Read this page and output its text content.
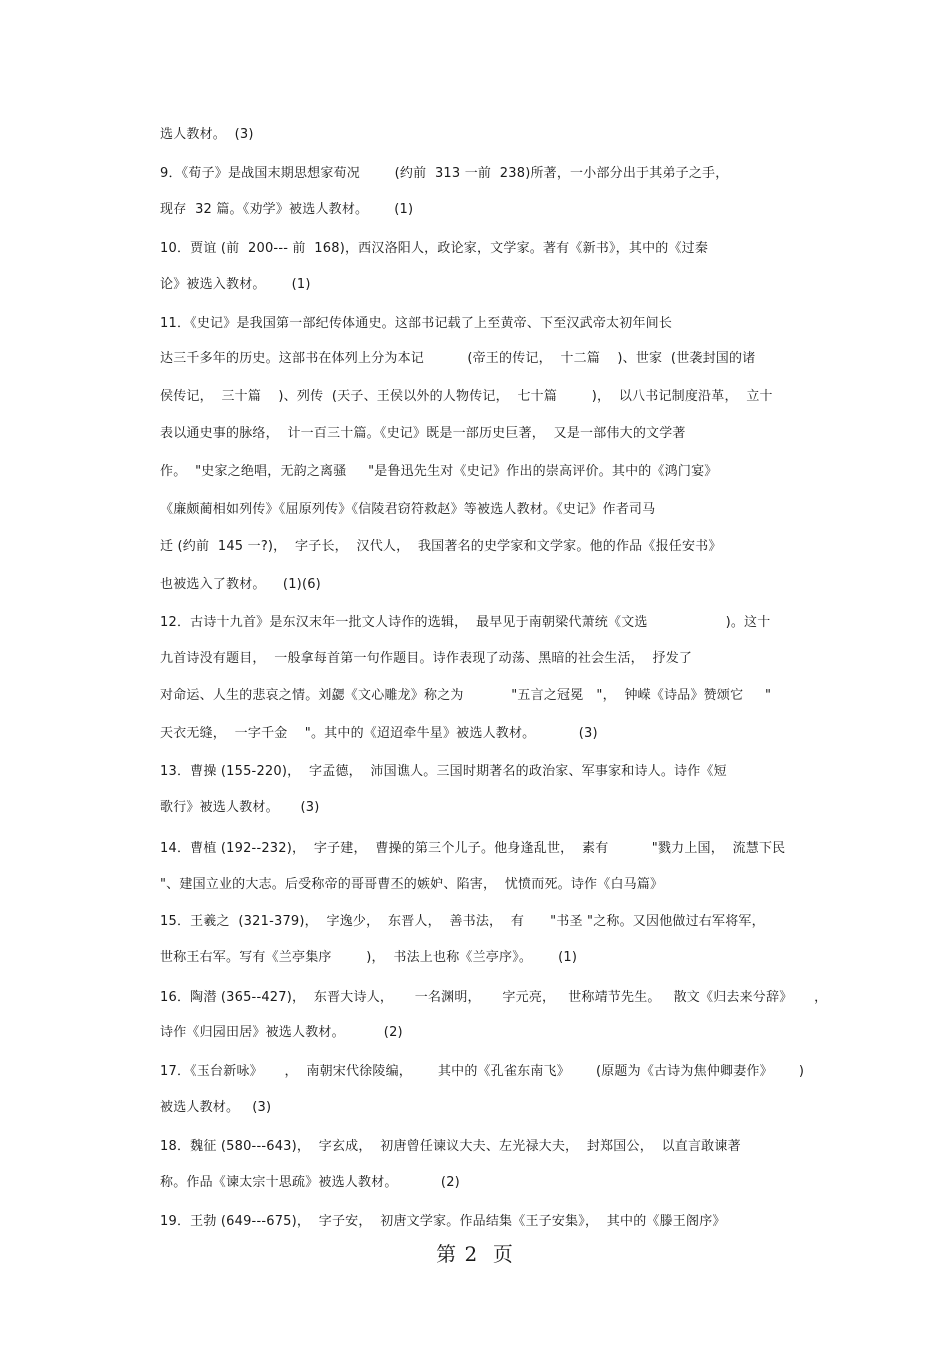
选人教材。  (3)
9．《荀子》是战国末期思想家荀况        (约前  313 一前  238)所著，一小部分出于其弟子之手，
现存  32 篇。《劝学》被选人教材。      (1)
10．贾谊 (前  200--- 前  168)，西汉洛阳人，政论家，文学家。著有《新书》，其中的《过秦
论》被选入教材。      (1)
11．《史记》是我国第一部纪传体通史。这部书记载了上至黄帝、下至汉武帝太初年间长
达三千多年的历史。这部书在体列上分为本记          (帝王的传记，  十二篇    )、世家  (世袭封国的诸
侯传记，  三十篇    )、列传  (天子、王侯以外的人物传记，  七十篇        )，  以八书记制度沿革，  立十
表以通史事的脉络，  计一百三十篇。《史记》既是一部历史巨著，  又是一部伟大的文学著
作。  "史家之绝唱，无韵之离骚     "是鲁迅先生对《史记》作出的崇高评价。其中的《鸿门宴》
《廉颇蔺相如列传》《屈原列传》《信陵君窃符救赵》等被选人教材。《史记》作者司马
迁 (约前  145 一?)，  字子长，  汉代人，  我国著名的史学家和文学家。他的作品《报任安书》
也被选入了教材。    (1)(6)
12．古诗十九首》是东汉末年一批文人诗作的选辑，  最早见于南朝梁代萧统《文选                  )。这十
九首诗没有题目，  一般拿每首第一句作题目。诗作表现了动荡、黑暗的社会生活，  抒发了
对命运、人生的悲哀之情。刘勰《文心雕龙》称之为           "五言之冠冕   "，  钟嵘《诗品》赞颂它     "
天衣无缝，  一字千金    "。其中的《迢迢牵牛星》被选人教材。          (3)
13．曹操 (155-220)，  字孟德，  沛国谯人。三国时期著名的政治家、军事家和诗人。诗作《短
歌行》被选人教材。     (3)
14．曹植 (192--232)，  字子建，  曹操的第三个儿子。他身逢乱世，  素有          "戮力上国，  流慧下民
"、建国立业的大志。后受称帝的哥哥曹丕的嫉妒、陷害，  忧愤而死。诗作《白马篇》
15．王羲之  (321-379)，  字逸少，  东晋人，  善书法，  有      "书圣 "之称。又因他做过右军将军，
世称王右军。写有《兰亭集序        )，  书法上也称《兰亭序》。      (1)
16．陶潜 (365--427)，  东晋大诗人，     一名渊明，     字元亮，   世称靖节先生。   散文《归去来兮辞》     ，
诗作《归园田居》被选人教材。         (2)
17．《玉台新咏》     ，  南朝宋代徐陵编，      其中的《孔雀东南飞》      (原题为《古诗为焦仲卿妻作》      )
被选人教材。   (3)
18．魏征 (580---643)，  字玄成，  初唐曾任谏议大夫、左光禄大夫，  封郑国公，  以直言敢谏著
称。作品《谏太宗十思疏》被选人教材。          (2)
19．王勃 (649---675)，  字子安，  初唐文学家。作品结集《王子安集》，  其中的《滕王阁序》
第 2  页
